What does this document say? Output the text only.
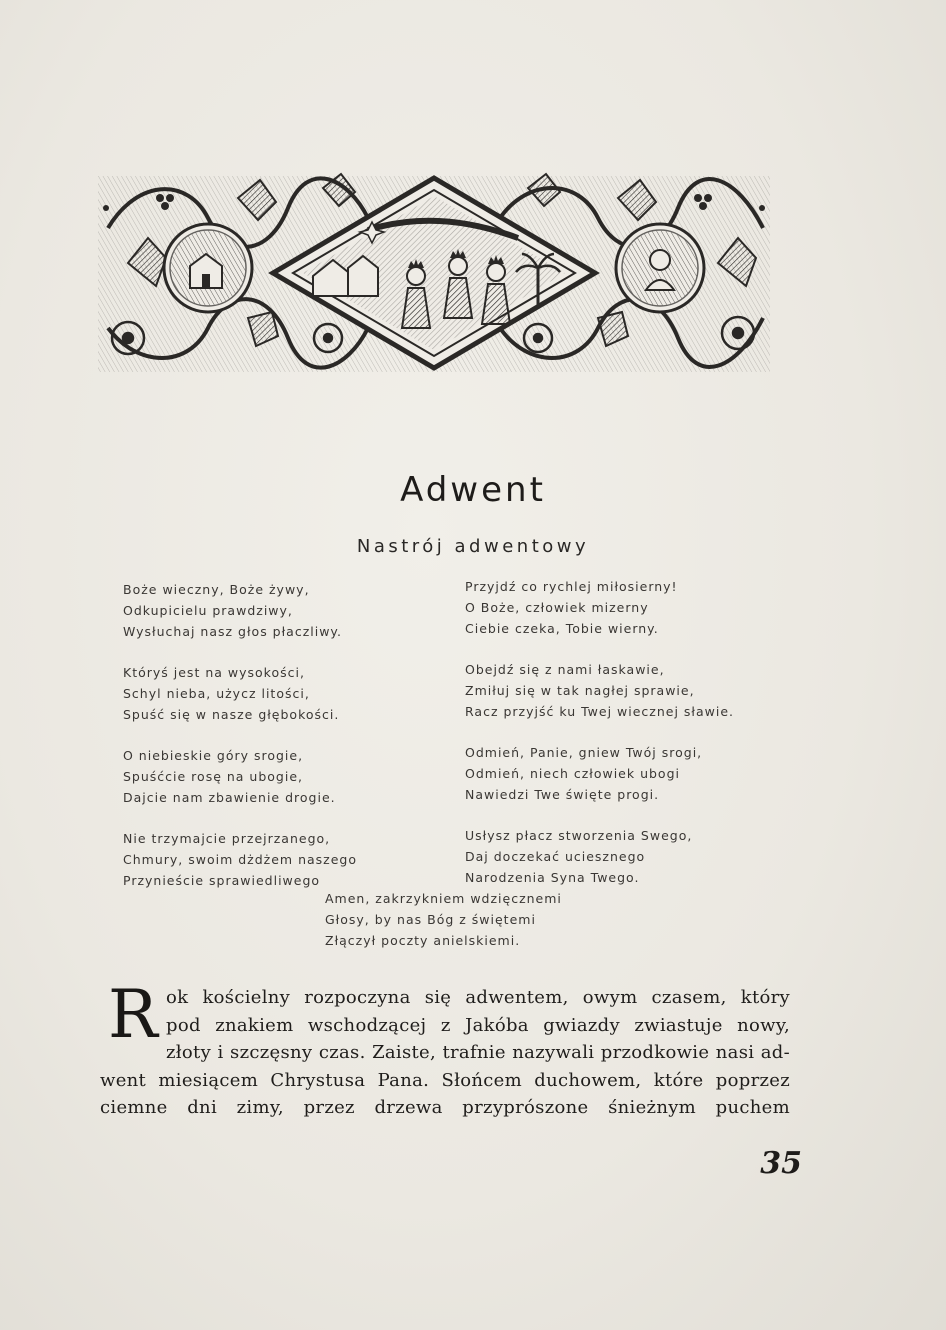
Adwent
Nastrój adwentowy
Boże wieczny, Boże żywy,
Odkupicielu prawdziwy,
Wysłuchaj nasz głos płaczliwy.
Któryś jest na wysokości,
Schyl nieba, użycz litości,
Spuść się w nasze głębokości.
O niebieskie góry srogie,
Spuśćcie rosę na ubogie,
Dajcie nam zbawienie drogie.
Nie trzymajcie przejrzanego,
Chmury, swoim dżdżem naszego
Przynieście sprawiedliwego
Przyjdź co rychlej miłosierny!
O Boże, człowiek mizerny
Ciebie czeka, Tobie wierny.
Obejdź się z nami łaskawie,
Zmiłuj się w tak nagłej sprawie,
Racz przyjść ku Twej wiecznej sławie.
Odmień, Panie, gniew Twój srogi,
Odmień, niech człowiek ubogi
Nawiedzi Twe święte progi.
Usłysz płacz stworzenia Swego,
Daj doczekać uciesznego
Narodzenia Syna Twego.
Amen, zakrzykniem wdzięcznemi
Głosy, by nas Bóg z świętemi
Złączył poczty anielskiemi.
R ok kościelny rozpoczyna się adwentem, owym czasem, który
pod znakiem wschodzącej z Jakóba gwiazdy zwiastuje nowy,
złoty i szczęsny czas. Zaiste, trafnie nazywali przodkowie nasi ad-
went miesiącem Chrystusa Pana. Słońcem duchowem, które poprzez
ciemne dni zimy, przez drzewa przyprószone śnieżnym puchem
35
